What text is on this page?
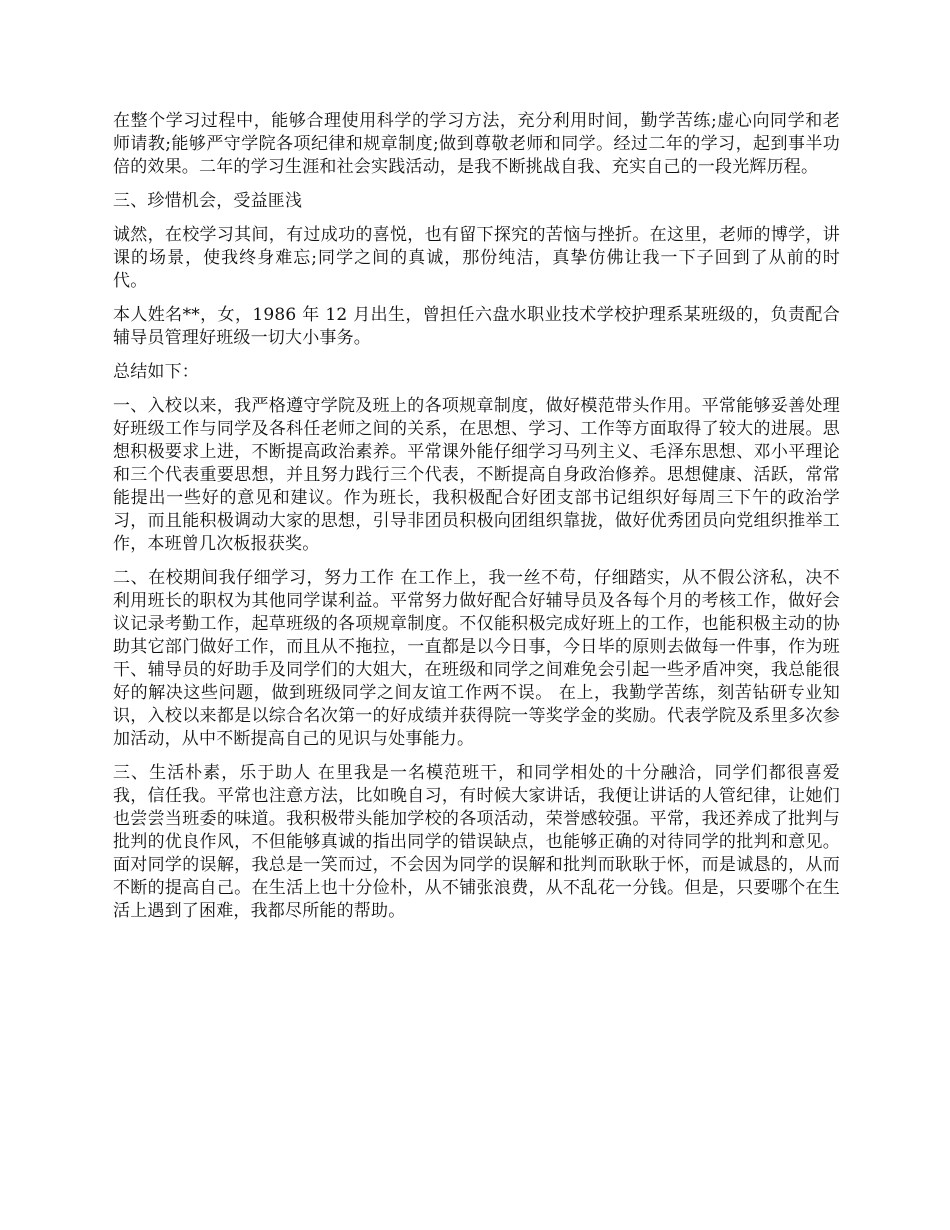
在整个学习过程中，能够合理使用科学的学习方法，充分利用时间，勤学苦练;虚心向同学和老师请教;能够严守学院各项纪律和规章制度;做到尊敬老师和同学。经过二年的学习，起到事半功倍的效果。二年的学习生涯和社会实践活动，是我不断挑战自我、充实自己的一段光辉历程。

三、珍惜机会，受益匪浅

诚然，在校学习其间，有过成功的喜悦，也有留下探究的苦恼与挫折。在这里，老师的博学，讲课的场景，使我终身难忘;同学之间的真诚，那份纯洁，真挚仿佛让我一下子回到了从前的时代。

本人姓名**，女，1986 年 12 月出生，曾担任六盘水职业技术学校护理系某班级的，负责配合辅导员管理好班级一切大小事务。

总结如下：

一、入校以来，我严格遵守学院及班上的各项规章制度，做好模范带头作用。平常能够妥善处理好班级工作与同学及各科任老师之间的关系，在思想、学习、工作等方面取得了较大的进展。思想积极要求上进，不断提高政治素养。平常课外能仔细学习马列主义、毛泽东思想、邓小平理论和三个代表重要思想，并且努力践行三个代表，不断提高自身政治修养。思想健康、活跃，常常能提出一些好的意见和建议。作为班长，我积极配合好团支部书记组织好每周三下午的政治学习，而且能积极调动大家的思想，引导非团员积极向团组织靠拢，做好优秀团员向党组织推举工作，本班曾几次板报获奖。

二、在校期间我仔细学习，努力工作 在工作上，我一丝不苟，仔细踏实，从不假公济私，决不利用班长的职权为其他同学谋利益。平常努力做好配合好辅导员及各每个月的考核工作，做好会议记录考勤工作，起草班级的各项规章制度。不仅能积极完成好班上的工作，也能积极主动的协助其它部门做好工作，而且从不拖拉，一直都是以今日事，今日毕的原则去做每一件事，作为班干、辅导员的好助手及同学们的大姐大，在班级和同学之间难免会引起一些矛盾冲突，我总能很好的解决这些问题，做到班级同学之间友谊工作两不误。 在上，我勤学苦练，刻苦钻研专业知识，入校以来都是以综合名次第一的好成绩并获得院一等奖学金的奖励。代表学院及系里多次参加活动，从中不断提高自己的见识与处事能力。

三、生活朴素，乐于助人 在里我是一名模范班干，和同学相处的十分融洽，同学们都很喜爱我，信任我。平常也注意方法，比如晚自习，有时候大家讲话，我便让讲话的人管纪律，让她们也尝尝当班委的味道。我积极带头能加学校的各项活动，荣誉感较强。平常，我还养成了批判与批判的优良作风，不但能够真诚的指出同学的错误缺点，也能够正确的对待同学的批判和意见。面对同学的误解，我总是一笑而过，不会因为同学的误解和批判而耿耿于怀，而是诚恳的，从而不断的提高自己。在生活上也十分俭朴，从不铺张浪费，从不乱花一分钱。但是，只要哪个在生活上遇到了困难，我都尽所能的帮助。
